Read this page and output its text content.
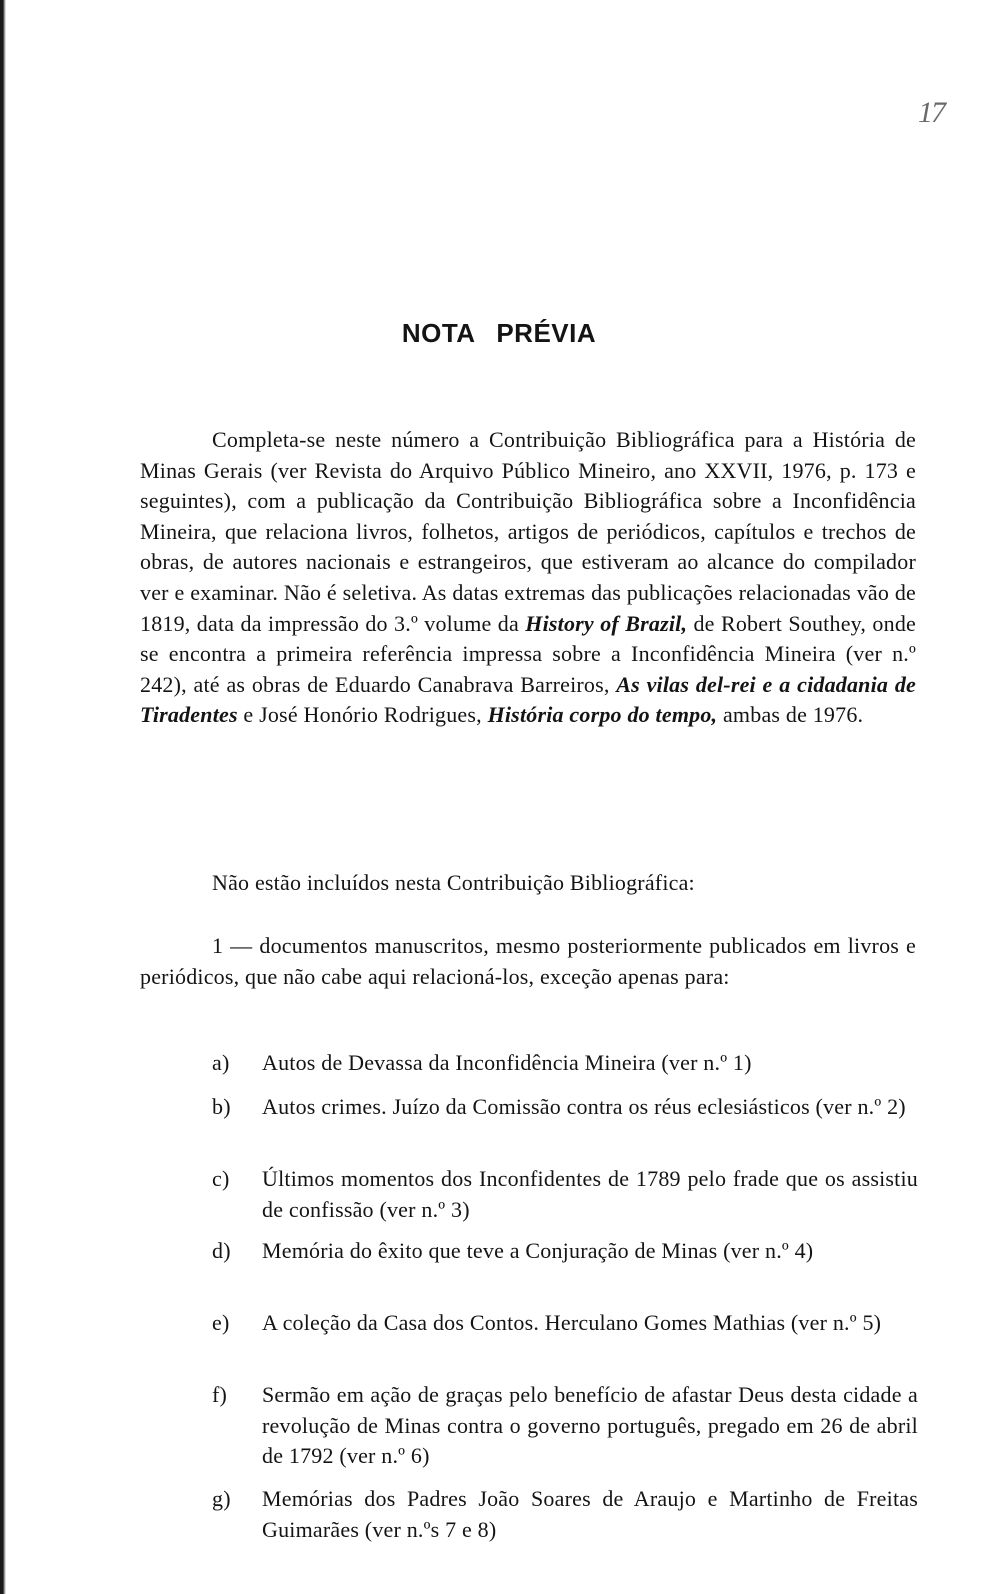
17
NOTA PRÉVIA

Completa-se neste número a Contribuição Bibliográfica para a História de Minas Gerais (ver Revista do Arquivo Público Mineiro, ano XXVII, 1976, p. 173 e seguintes), com a publicação da Contribuição Bibliográfica sobre a Inconfidência Mineira, que relaciona livros, folhetos, artigos de periódicos, capítulos e trechos de obras, de autores nacionais e estrangeiros, que estiveram ao alcance do compilador ver e examinar. Não é seletiva. As datas extremas das publicações relacionadas vão de 1819, data da impressão do 3.º volume da History of Brazil, de Robert Southey, onde se encontra a primeira referência impressa sobre a Inconfidência Mineira (ver n.º 242), até as obras de Eduardo Canabrava Barreiros, As vilas del-rei e a cidadania de Tiradentes e José Honório Rodrigues, História corpo do tempo, ambas de 1976.

Não estão incluídos nesta Contribuição Bibliográfica:

1 — documentos manuscritos, mesmo posteriormente publicados em livros e periódicos, que não cabe aqui relacioná-los, exceção apenas para:

a) Autos de Devassa da Inconfidência Mineira (ver n.º 1)
b) Autos crimes. Juízo da Comissão contra os réus eclesiásticos (ver n.º 2)
c) Últimos momentos dos Inconfidentes de 1789 pelo frade que os assistiu de confissão (ver n.º 3)
d) Memória do êxito que teve a Conjuração de Minas (ver n.º 4)
e) A coleção da Casa dos Contos. Herculano Gomes Mathias (ver n.º 5)
f) Sermão em ação de graças pelo benefício de afastar Deus desta cidade a revolução de Minas contra o governo português, pregado em 26 de abril de 1792 (ver n.º 6)
g) Memórias dos Padres João Soares de Araujo e Martinho de Freitas Guimarães (ver n.ºs 7 e 8)
